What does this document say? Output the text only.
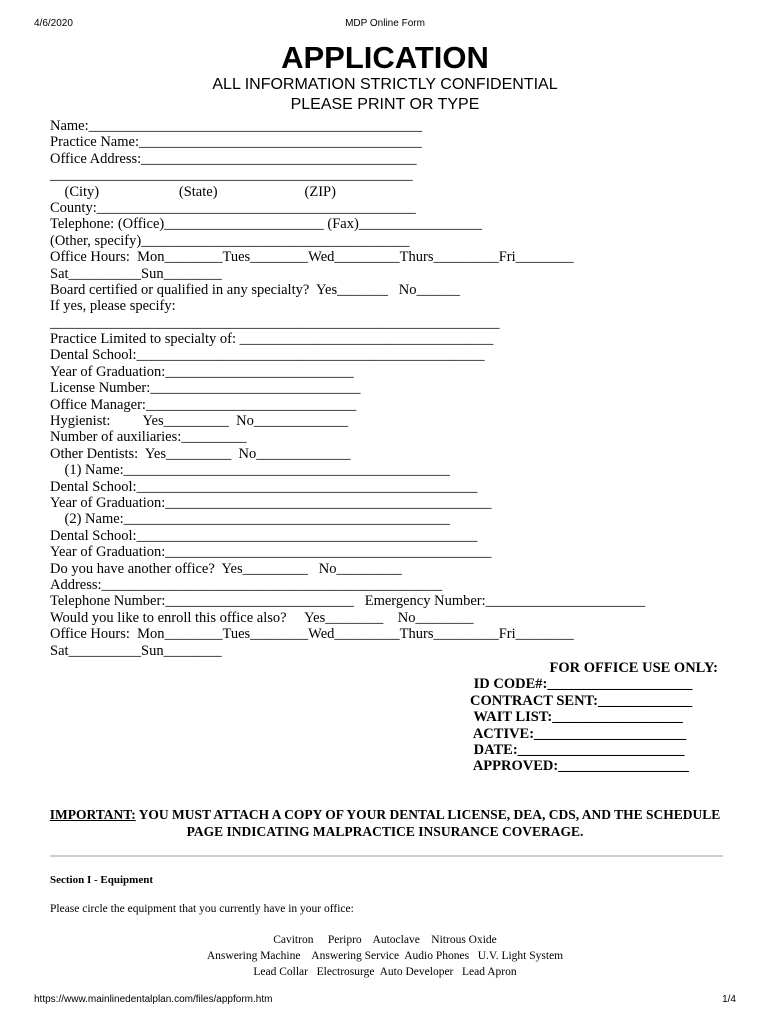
4/6/2020	MDP Online Form
APPLICATION
ALL INFORMATION STRICTLY CONFIDENTIAL
PLEASE PRINT OR TYPE
Name:______________________________________________
Practice Name:_______________________________________
Office Address:______________________________________
__________________________________________________
(City)                      (State)                        (ZIP)
County:____________________________________________
Telephone: (Office)______________________ (Fax)_________________
(Other, specify)_____________________________________
Office Hours:  Mon________Tues________Wed_________Thurs_________Fri________
Sat__________Sun________
Board certified or qualified in any specialty?  Yes_______   No______
If yes, please specify:
______________________________________________________________
Practice Limited to specialty of: ___________________________________
Dental School:________________________________________________
Year of Graduation:__________________________
License Number:_____________________________
Office Manager:_____________________________
Hygienist:         Yes_________  No_____________
Number of auxiliaries:_________
Other Dentists:  Yes_________  No_____________
(1) Name:_____________________________________________
Dental School:_______________________________________________
Year of Graduation:_____________________________________________
(2) Name:_____________________________________________
Dental School:_______________________________________________
Year of Graduation:_____________________________________________
Do you have another office?  Yes_________   No_________
Address:_______________________________________________
Telephone Number:__________________________   Emergency Number:______________________
Would you like to enroll this office also?     Yes________    No________
Office Hours:  Mon________Tues________Wed_________Thurs_________Fri________
Sat__________Sun________
FOR OFFICE USE ONLY:
ID CODE#:____________________
CONTRACT SENT:_____________
WAIT LIST:__________________
ACTIVE:_____________________
DATE:_______________________
APPROVED:__________________
IMPORTANT: YOU MUST ATTACH A COPY OF YOUR DENTAL LICENSE, DEA, CDS, AND THE SCHEDULE PAGE INDICATING MALPRACTICE INSURANCE COVERAGE.
Section I - Equipment
Please circle the equipment that you currently have in your office:
Cavitron     Peripro    Autoclave    Nitrous Oxide
Answering Machine    Answering Service  Audio Phones   U.V. Light System
Lead Collar   Electrosurge  Auto Developer   Lead Apron
https://www.mainlinedentalplan.com/files/appform.htm	1/4
